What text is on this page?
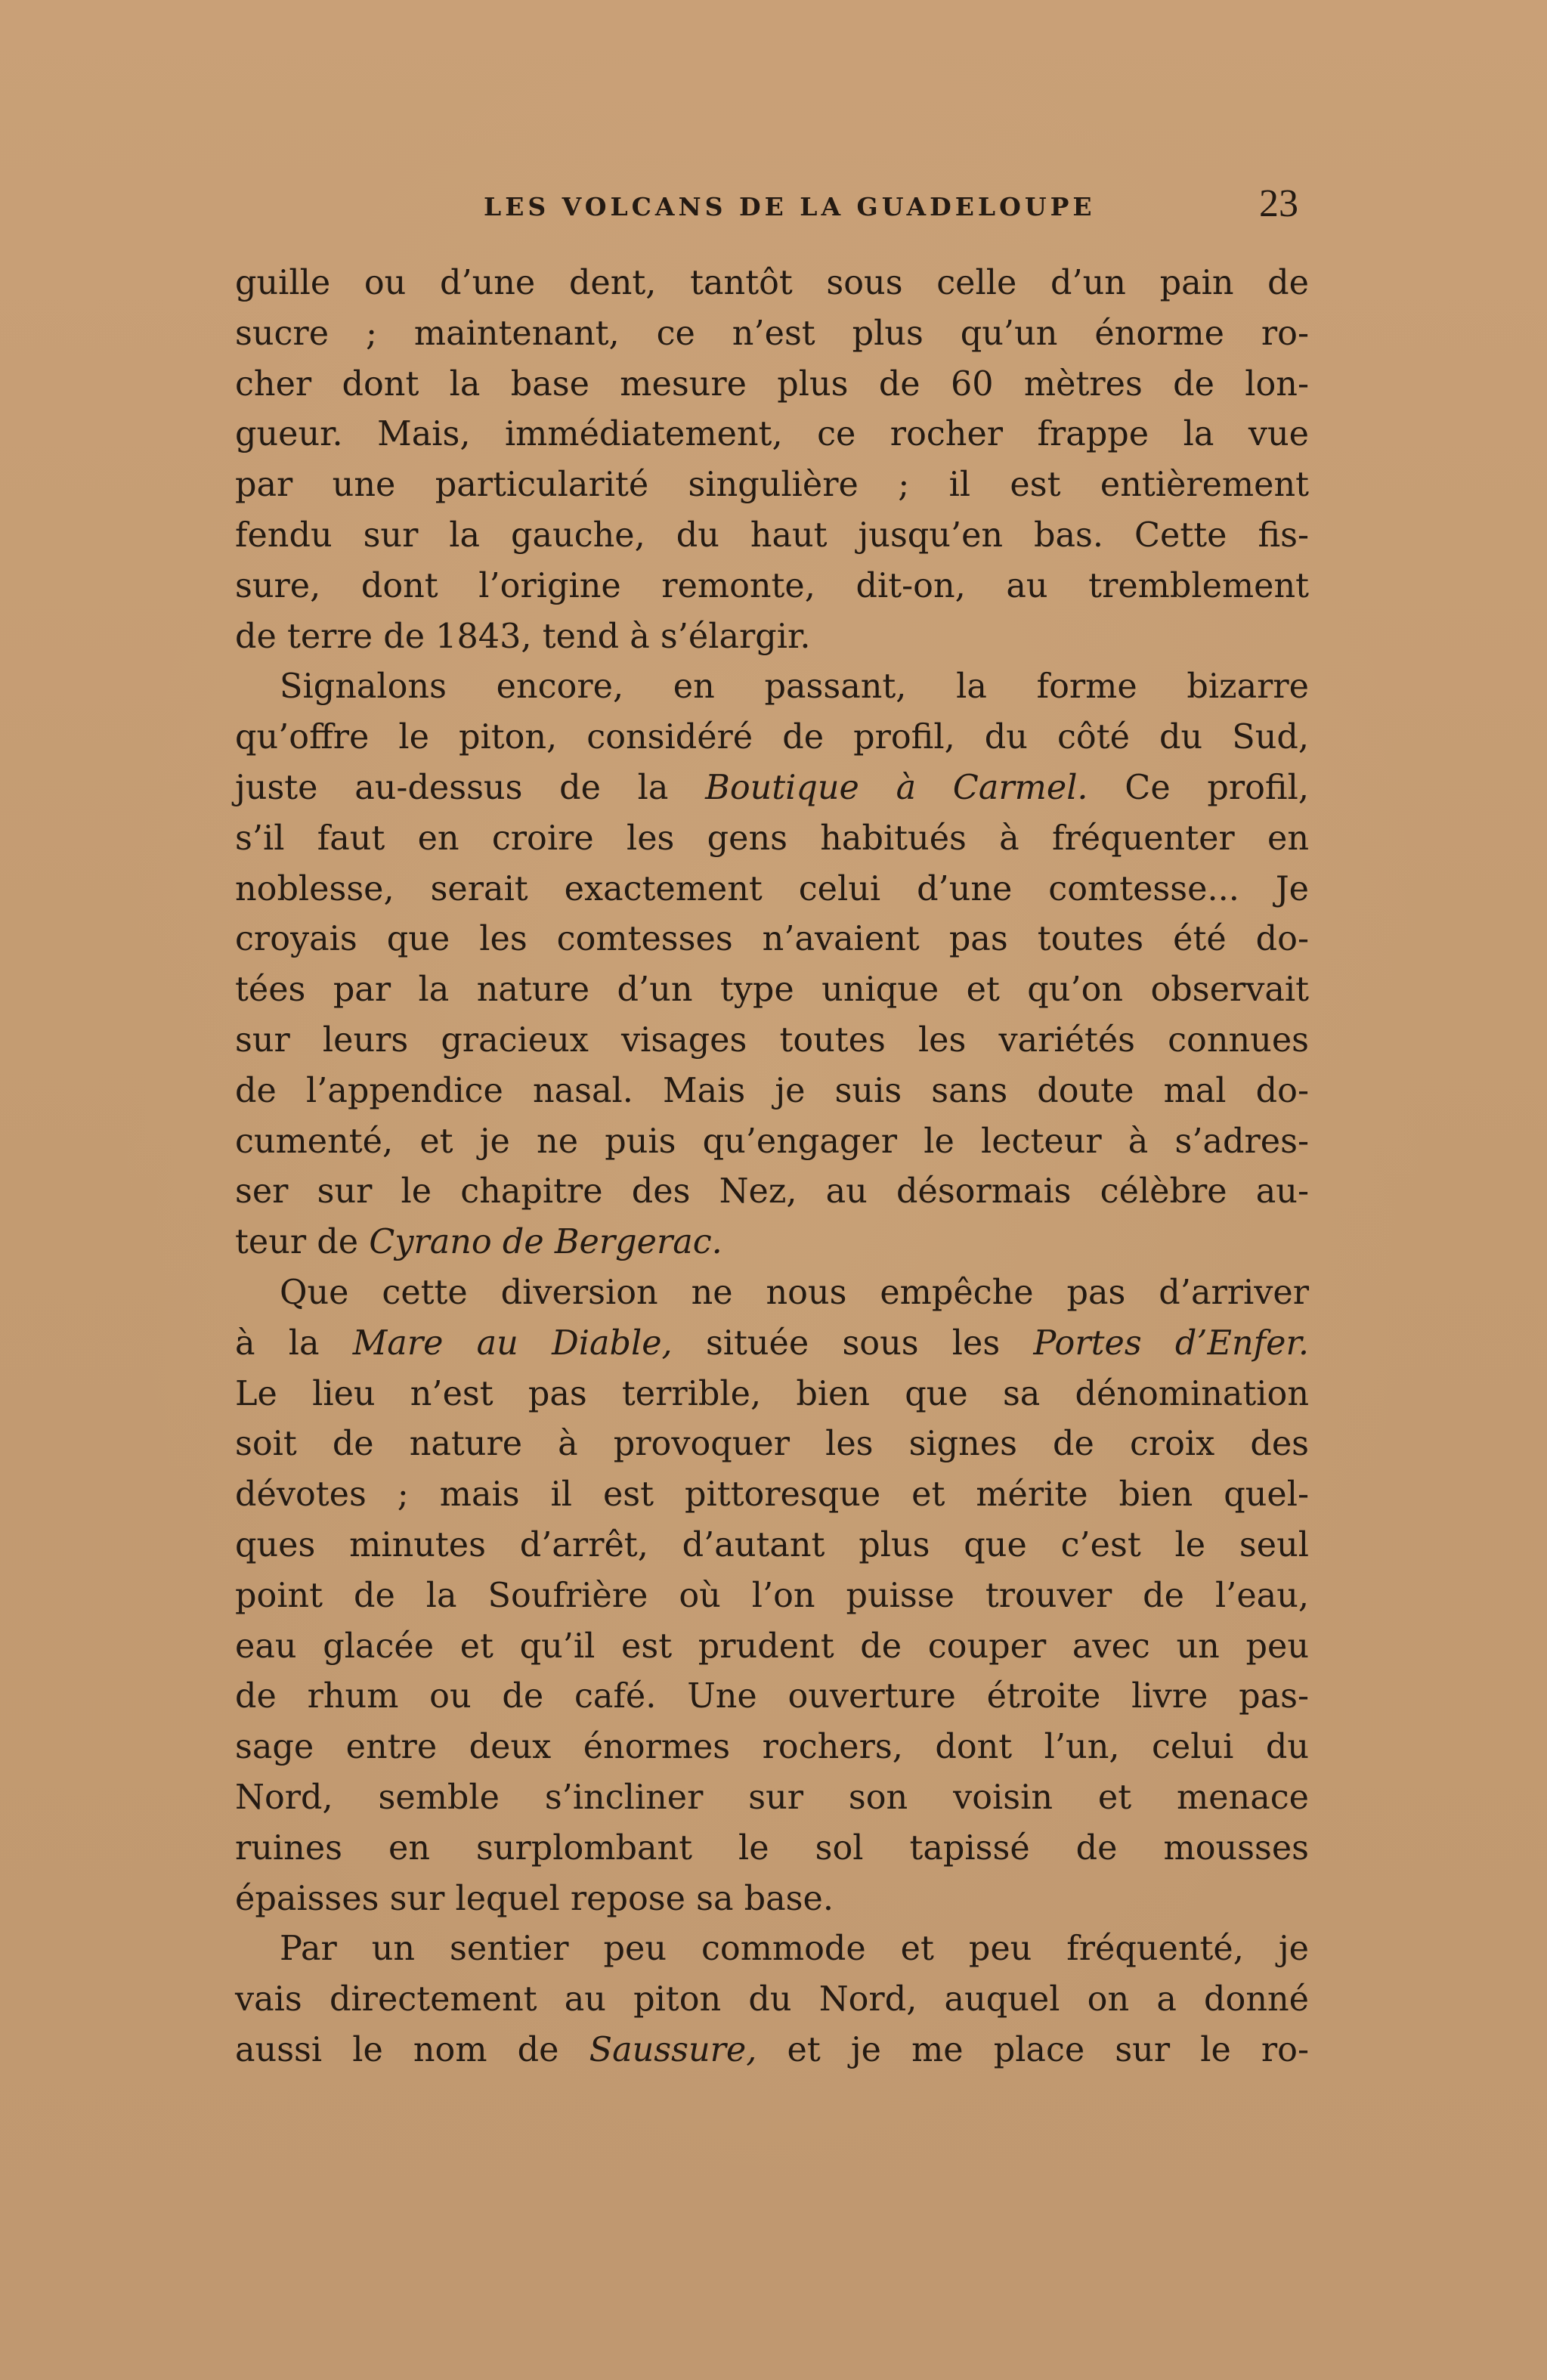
LES VOLCANS DE LA GUADELOUPE	23
guille ou d’une dent, tantôt sous celle d’un pain de
sucre ; maintenant, ce n’est plus qu’un énorme ro-
cher dont la base mesure plus de 60 mètres de lon-
gueur. Mais, immédiatement, ce rocher frappe la vue
par une particularité singulière ; il est entièrement
fendu sur la gauche, du haut jusqu’en bas. Cette fis-
sure, dont l’origine remonte, dit-on, au tremblement
de terre de 1843, tend à s’élargir.
Signalons encore, en passant, la forme bizarre
qu’offre le piton, considéré de profil, du côté du Sud,
juste au-dessus de la Boutique à Carmel. Ce profil,
s’il faut en croire les gens habitués à fréquenter en
noblesse, serait exactement celui d’une comtesse... Je
croyais que les comtesses n’avaient pas toutes été do-
tées par la nature d’un type unique et qu’on observait
sur leurs gracieux visages toutes les variétés connues
de l’appendice nasal. Mais je suis sans doute mal do-
cumenté, et je ne puis qu’engager le lecteur à s’adres-
ser sur le chapitre des Nez, au désormais célèbre au-
teur de Cyrano de Bergerac.
Que cette diversion ne nous empêche pas d’arriver
à la Mare au Diable, située sous les Portes d’Enfer.
Le lieu n’est pas terrible, bien que sa dénomination
soit de nature à provoquer les signes de croix des
dévotes ; mais il est pittoresque et mérite bien quel-
ques minutes d’arrêt, d’autant plus que c’est le seul
point de la Soufrière où l’on puisse trouver de l’eau,
eau glacée et qu’il est prudent de couper avec un peu
de rhum ou de café. Une ouverture étroite livre pas-
sage entre deux énormes rochers, dont l’un, celui du
Nord, semble s’incliner sur son voisin et menace
ruines en surplombant le sol tapissé de mousses
épaisses sur lequel repose sa base.
Par un sentier peu commode et peu fréquenté, je
vais directement au piton du Nord, auquel on a donné
aussi le nom de Saussure, et je me place sur le ro-
